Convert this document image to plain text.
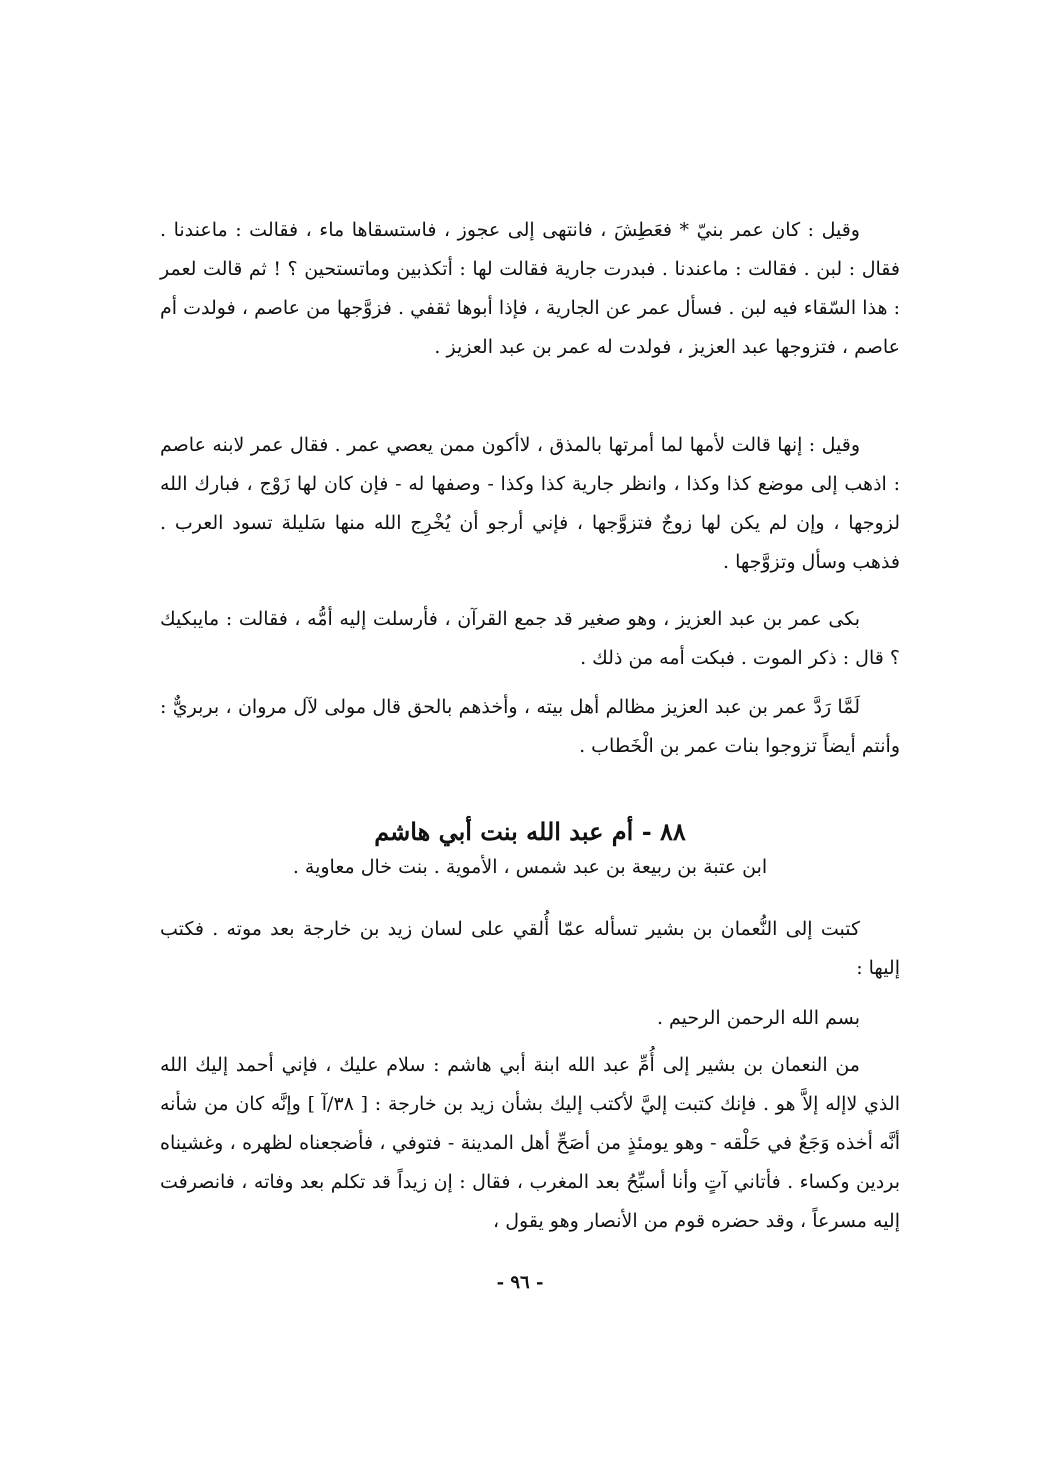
وقيل : كان عمر بنيّ * فعَطِشَ ، فانتهى إلى عجوز ، فاستسقاها ماء ، فقالت : ماعندنا . فقال : لبن . فقالت : ماعندنا . فبدرت جارية فقالت لها : أتكذبين وماتستحين ؟ ! ثم قالت لعمر : هذا السّقاء فيه لبن . فسأل عمر عن الجارية ، فإذا أبوها ثقفي . فزوَّجها من عاصم ، فولدت أم عاصم ، فتزوجها عبد العزيز ، فولدت له عمر بن عبد العزيز .

وقيل : إنها قالت لأمها لما أمرتها بالمذق ، لاأكون ممن يعصي عمر . فقال عمر لابنه عاصم : اذهب إلى موضع كذا وكذا ، وانظر جارية كذا وكذا - وصفها له - فإن كان لها زَوْج ، فبارك الله لزوجها ، وإن لم يكن لها زوجٌ فتزوَّجها ، فإني أرجو أن يُخْرِج الله منها سَليلة تسود العرب . فذهب وسأل وتزوَّجها .

بكى عمر بن عبد العزيز ، وهو صغير قد جمع القرآن ، فأرسلت إليه أمُّه ، فقالت : مايبكيك ؟ قال : ذكر الموت . فبكت أمه من ذلك .

لَمَّا رَدَّ عمر بن عبد العزيز مظالم أهل بيته ، وأخذهم بالحق قال مولى لآل مروان ، بربريٌّ : وأنتم أيضاً تزوجوا بنات عمر بن الْخَطاب .

٨٨ - أم عبد الله بنت أبي هاشم

ابن عتبة بن ربيعة بن عبد شمس ، الأموية . بنت خال معاوية .

كتبت إلى النُّعمان بن بشير تسأله عمّا أُلقي على لسان زيد بن خارجة بعد موته . فكتب إليها :

بسم الله الرحمن الرحيم .

من النعمان بن بشير إلى أُمِّ عبد الله ابنة أبي هاشم : سلام عليك ، فإني أحمد إليك الله الذي لاإله إلاَّ هو . فإنك كتبت إليَّ لأكتب إليك بشأن زيد بن خارجة : [ ٣٨/آ ] وإنَّه كان من شأنه أنَّه أخذه وَجَعٌ في حَلْقه - وهو يومئذٍ من أصَحِّ أهل المدينة - فتوفي ، فأضجعناه لظهره ، وغشيناه بردين وكساء . فأتاني آتٍ وأنا أسبِّحُ بعد المغرب ، فقال : إن زيداً قد تكلم بعد وفاته ، فانصرفت إليه مسرعاً ، وقد حضره قوم من الأنصار وهو يقول ،

- ٩٦ -
